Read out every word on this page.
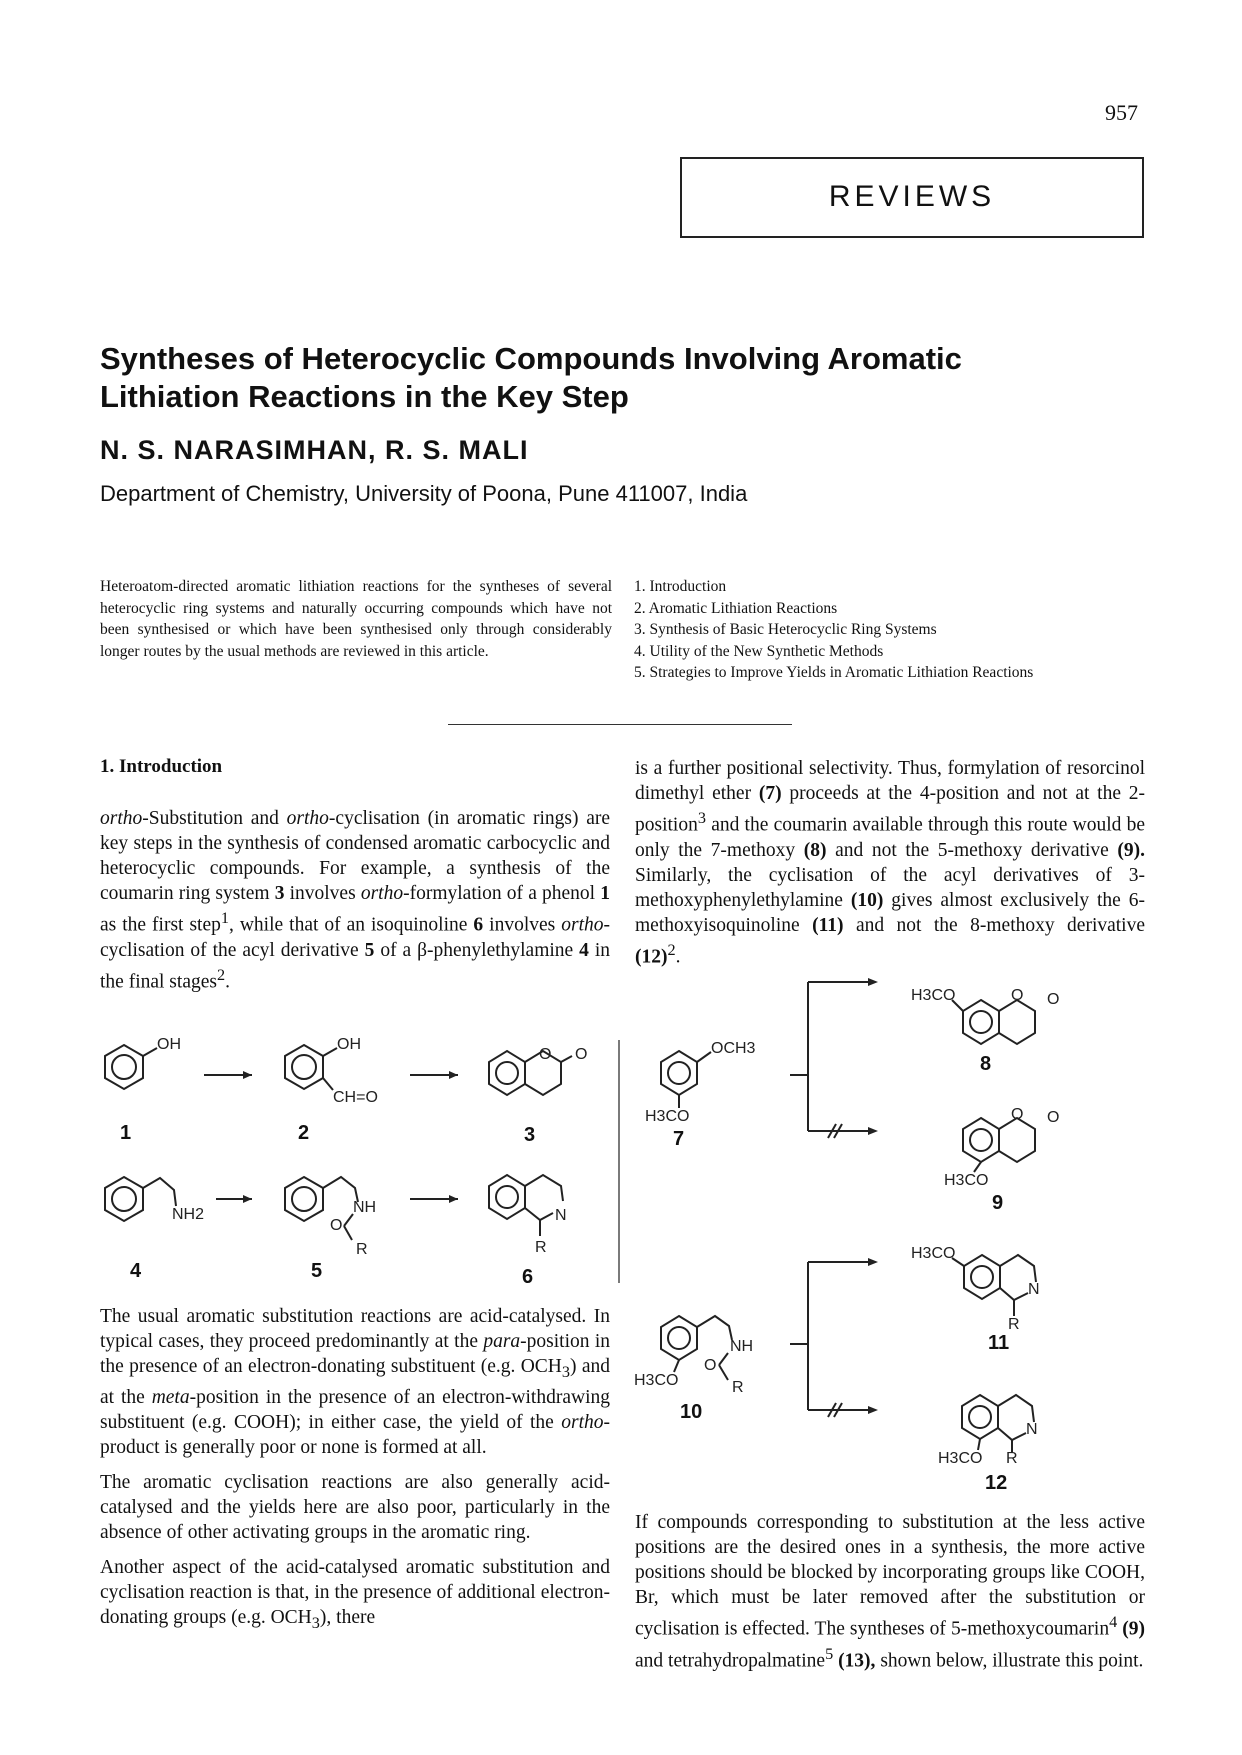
957
REVIEWS
Syntheses of Heterocyclic Compounds Involving Aromatic Lithiation Reactions in the Key Step
N. S. NARASIMHAN, R. S. MALI
Department of Chemistry, University of Poona, Pune 411007, India
Heteroatom-directed aromatic lithiation reactions for the syntheses of several heterocyclic ring systems and naturally occurring compounds which have not been synthesised or which have been synthesised only through considerably longer routes by the usual methods are reviewed in this article.
1. Introduction
2. Aromatic Lithiation Reactions
3. Synthesis of Basic Heterocyclic Ring Systems
4. Utility of the New Synthetic Methods
5. Strategies to Improve Yields in Aromatic Lithiation Reactions
1. Introduction

ortho-Substitution and ortho-cyclisation (in aromatic rings) are key steps in the synthesis of condensed aromatic carbocyclic and heterocyclic compounds. For example, a synthesis of the coumarin ring system 3 involves ortho-formylation of a phenol 1 as the first step$^1$, while that of an isoquinoline 6 involves ortho-cyclisation of the acyl derivative 5 of a β-phenylethylamine 4 in the final stages$^2$.

The usual aromatic substitution reactions are acid-catalysed. In typical cases, they proceed predominantly at the para-position in the presence of an electron-donating substituent (e.g. $OCH_3$) and at the meta-position in the presence of an electron-withdrawing substituent (e.g. COOH); in either case, the yield of the ortho-product is generally poor or none is formed at all.

The aromatic cyclisation reactions are also generally acid-catalysed and the yields here are also poor, particularly in the absence of other activating groups in the aromatic ring.

Another aspect of the acid-catalysed aromatic substitution and cyclisation reaction is that, in the presence of additional electron-donating groups (e.g. $OCH_3$), there

is a further positional selectivity. Thus, formylation of resorcinol dimethyl ether (7) proceeds at the 4-position and not at the 2-position$^3$ and the coumarin available through this route would be only the 7-methoxy (8) and not the 5-methoxy derivative (9). Similarly, the cyclisation of the acyl derivatives of 3-methoxyphenylethylamine (10) gives almost exclusively the 6-methoxyisoquinoline (11) and not the 8-methoxy derivative $(12)^2$.

If compounds corresponding to substitution at the less active positions are the desired ones in a synthesis, the more active positions should be blocked by incorporating groups like COOH, Br, which must be later removed after the substitution or cyclisation is effected. The syntheses of 5-methoxycoumarin$^4$ (9) and tetrahydropalmatine$^5$ (13), shown below, illustrate this point.

OH	OH
CH=O
O O
NH2	NH
O
R
N
R
1	2	3
4	5	6
OCH3
H3CO
H3CO	O O
O O
H3CO
NH
O
R
H3CO
H3CO
N
R
N
H3CO R
7
8
9
10
11
12
